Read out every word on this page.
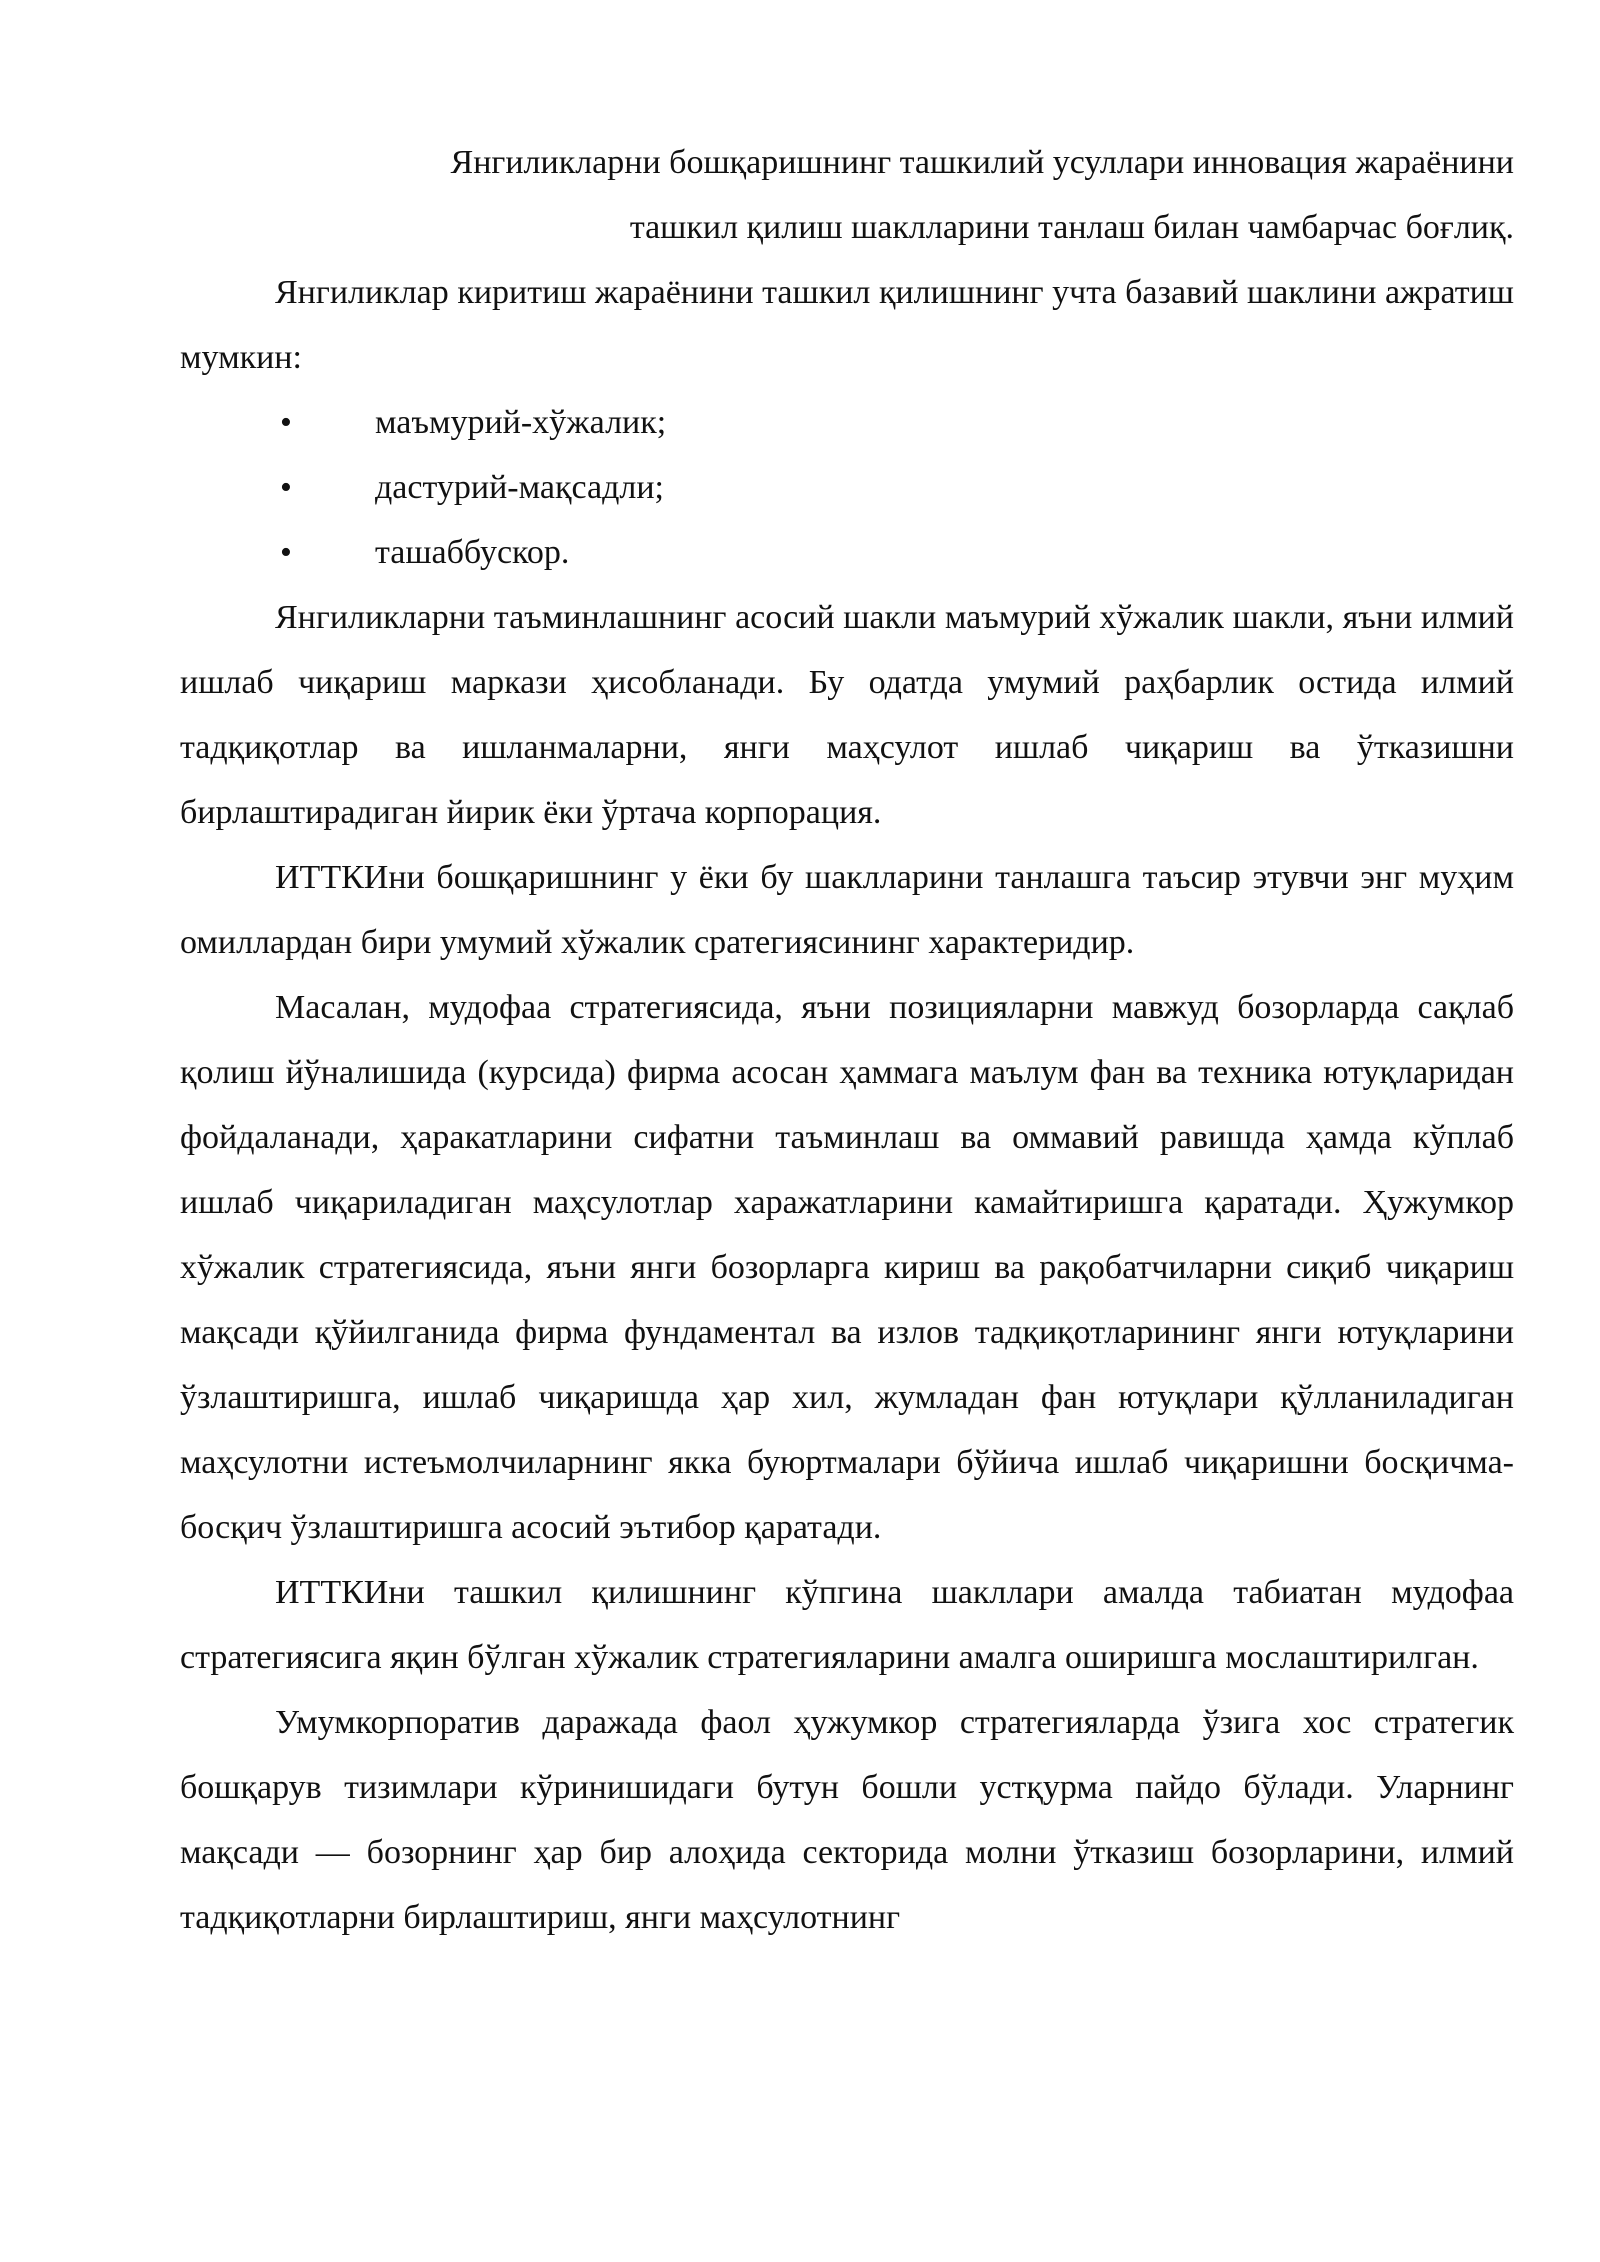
Янгиликларни бошқаришнинг ташкилий усуллари инновация жараёнини

ташкил қилиш шаклларини танлаш билан чамбарчас боғлиқ.

Янгиликлар киритиш жараёнини ташкил қилишнинг учта базавий шаклини ажратиш мумкин:

•	маъмурий-хўжалик;
•	дастурий-мақсадли;
•	ташаббускор.

Янгиликларни таъминлашнинг асосий шакли маъмурий хўжалик шакли, яъни илмий ишлаб чиқариш маркази ҳисобланади. Бу одатда умумий раҳбарлик остида илмий тадқиқотлар ва ишланмаларни, янги маҳсулот ишлаб чиқариш ва ўтказишни бирлаштирадиган йирик ёки ўртача корпорация.

ИТТКИни бошқаришнинг у ёки бу шаклларини танлашга таъсир этувчи энг муҳим омиллардан бири умумий хўжалик сратегиясининг характеридир.

Масалан, мудофаа стратегиясида, яъни позицияларни мавжуд бозорларда сақлаб қолиш йўналишида (курсида) фирма асосан ҳаммага маълум фан ва техника ютуқларидан фойдаланади, ҳаракатларини сифатни таъминлаш ва оммавий равишда ҳамда кўплаб ишлаб чиқариладиган маҳсулотлар харажатларини камайтиришга қаратади. Ҳужумкор хўжалик стратегиясида, яъни янги бозорларга кириш ва рақобатчиларни сиқиб чиқариш мақсади қўйилганида фирма фундаментал ва излов тадқиқотларининг янги ютуқларини ўзлаштиришга, ишлаб чиқаришда ҳар хил, жумладан фан ютуқлари қўлланиладиган маҳсулотни истеъмолчиларнинг якка буюртмалари бўйича ишлаб чиқаришни босқичма-босқич ўзлаштиришга асосий эътибор қаратади.

ИТТКИни ташкил қилишнинг кўпгина шакллари амалда табиатан мудофаа стратегиясига яқин бўлган хўжалик стратегияларини амалга оширишга мослаштирилган.

Умумкорпоратив даражада фаол ҳужумкор стратегияларда ўзига хос стратегик бошқарув тизимлари кўринишидаги бутун бошли устқурма пайдо бўлади. Уларнинг мақсади — бозорнинг ҳар бир алоҳида секторида молни ўтказиш бозорларини, илмий тадқиқотларни бирлаштириш, янги маҳсулотнинг
